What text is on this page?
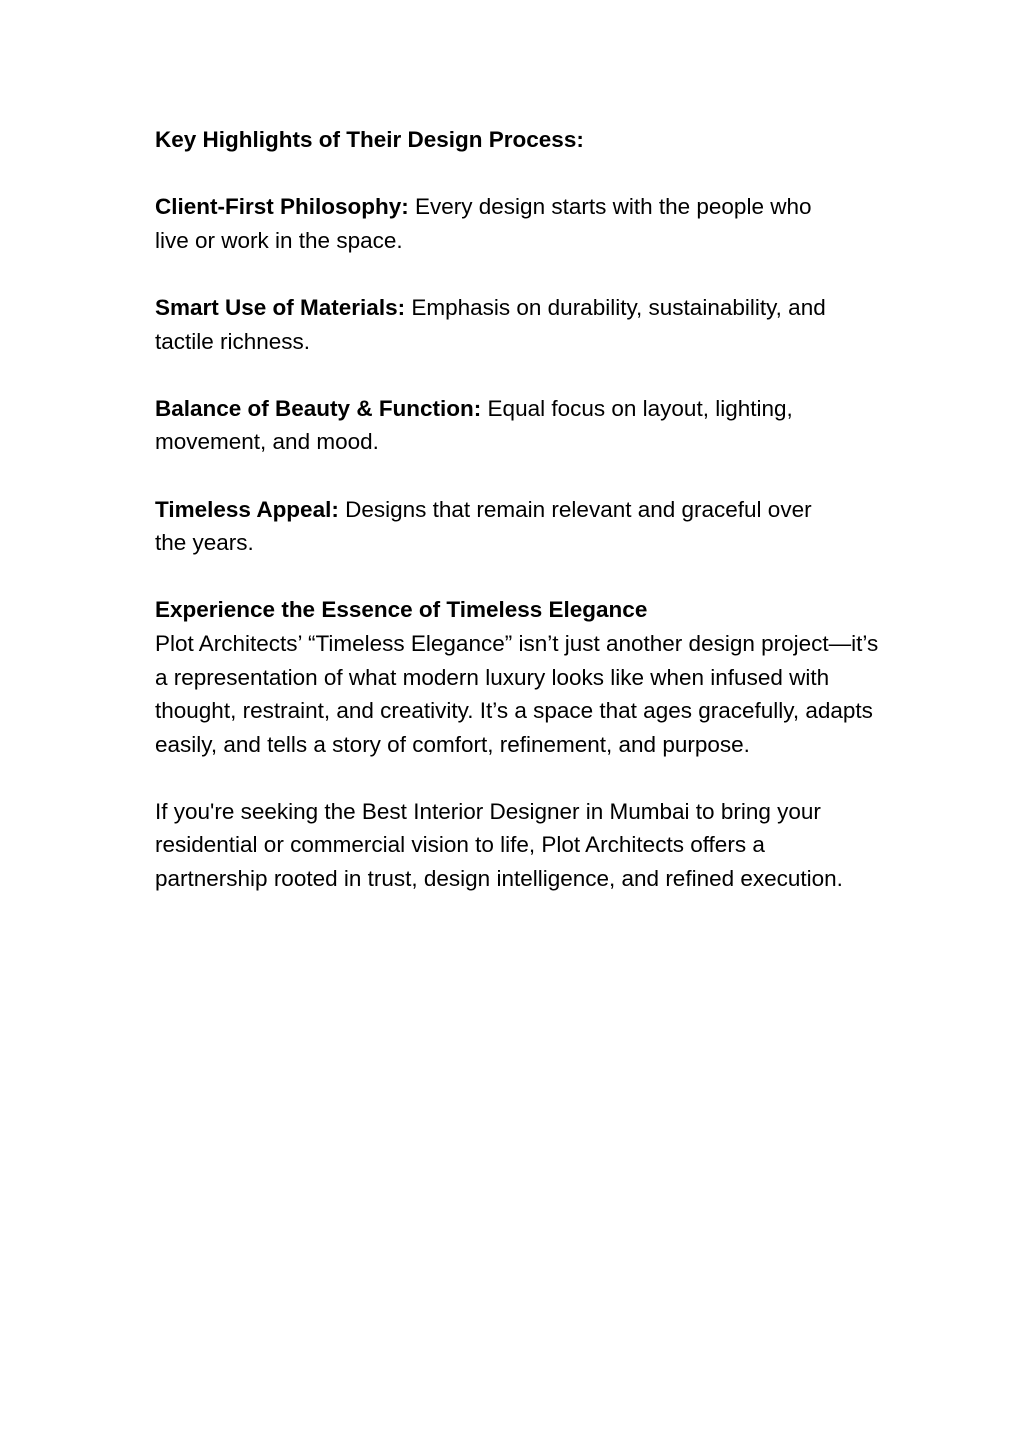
Key Highlights of Their Design Process:

Client-First Philosophy: Every design starts with the people who live or work in the space.

Smart Use of Materials: Emphasis on durability, sustainability, and tactile richness.

Balance of Beauty & Function: Equal focus on layout, lighting, movement, and mood.

Timeless Appeal: Designs that remain relevant and graceful over the years.

Experience the Essence of Timeless Elegance

Plot Architects’ “Timeless Elegance” isn’t just another design project—it’s a representation of what modern luxury looks like when infused with thought, restraint, and creativity. It’s a space that ages gracefully, adapts easily, and tells a story of comfort, refinement, and purpose.

If you're seeking the Best Interior Designer in Mumbai to bring your residential or commercial vision to life, Plot Architects offers a partnership rooted in trust, design intelligence, and refined execution.
